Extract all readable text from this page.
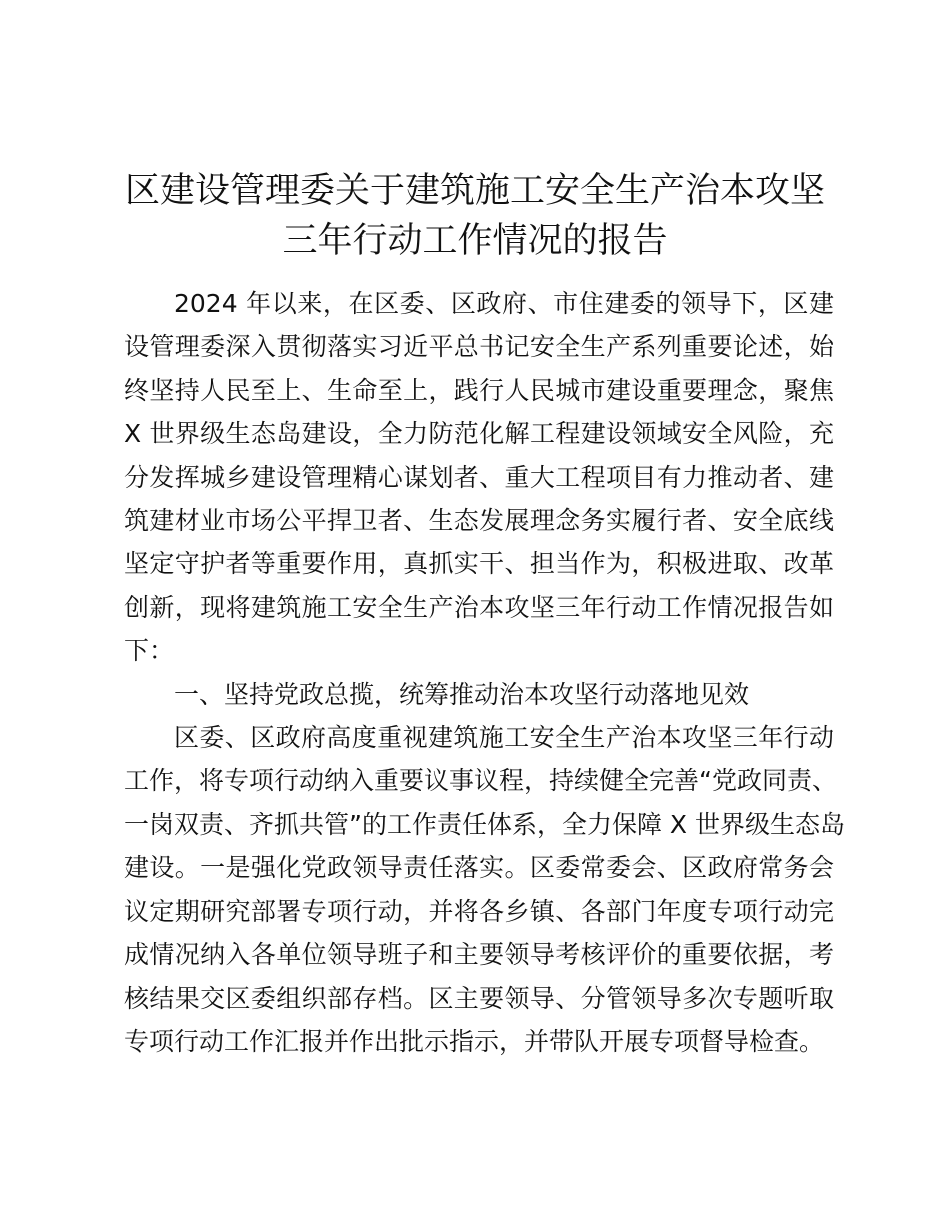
区建设管理委关于建筑施工安全生产治本攻坚
三年行动工作情况的报告
2024 年以来，在区委、区政府、市住建委的领导下，区建
设管理委深入贯彻落实习近平总书记安全生产系列重要论述，始
终坚持人民至上、生命至上，践行人民城市建设重要理念，聚焦
X 世界级生态岛建设，全力防范化解工程建设领域安全风险，充
分发挥城乡建设管理精心谋划者、重大工程项目有力推动者、建
筑建材业市场公平捍卫者、生态发展理念务实履行者、安全底线
坚定守护者等重要作用，真抓实干、担当作为，积极进取、改革
创新，现将建筑施工安全生产治本攻坚三年行动工作情况报告如
下：
一、坚持党政总揽，统筹推动治本攻坚行动落地见效
区委、区政府高度重视建筑施工安全生产治本攻坚三年行动
工作，将专项行动纳入重要议事议程，持续健全完善“党政同责、
一岗双责、齐抓共管”的工作责任体系，全力保障 X 世界级生态岛
建设。一是强化党政领导责任落实。区委常委会、区政府常务会
议定期研究部署专项行动，并将各乡镇、各部门年度专项行动完
成情况纳入各单位领导班子和主要领导考核评价的重要依据，考
核结果交区委组织部存档。区主要领导、分管领导多次专题听取
专项行动工作汇报并作出批示指示，并带队开展专项督导检查。
